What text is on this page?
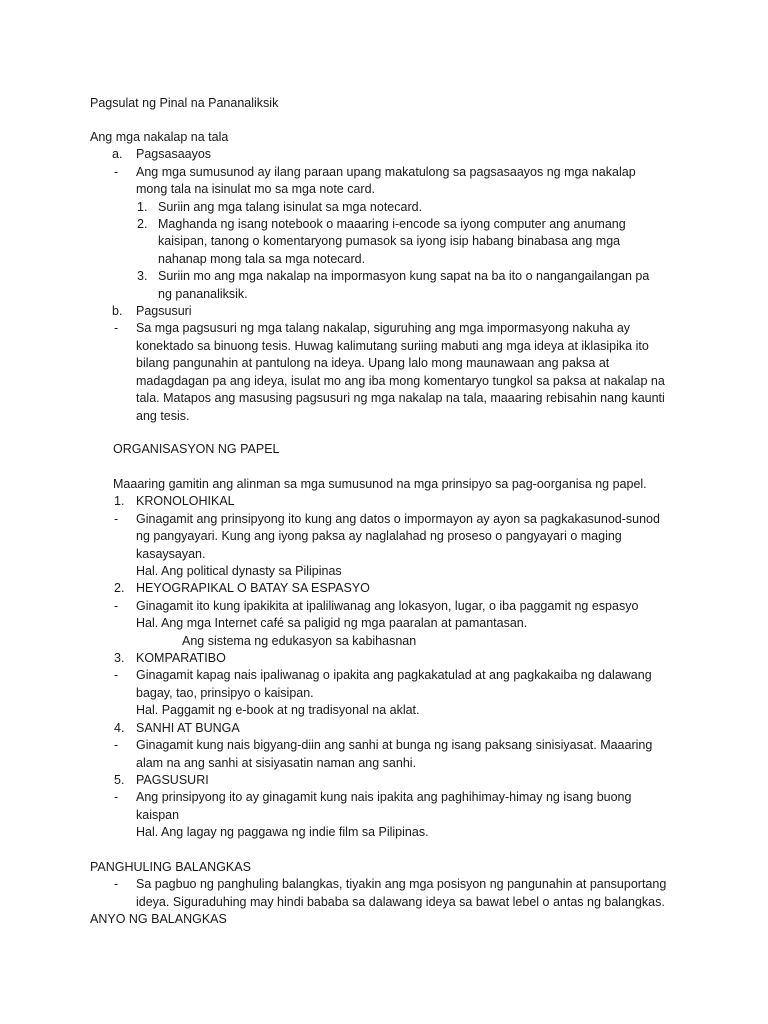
Pagsulat ng Pinal na Pananaliksik
Ang mga nakalap na tala
a.	Pagsasaayos
-	Ang mga sumusunod ay ilang paraan upang makatulong sa pagsasaayos ng mga nakalap mong tala na isinulat mo sa mga note card.
1. Suriin ang mga talang isinulat sa mga notecard.
2. Maghanda ng isang notebook o maaaring i-encode sa iyong computer ang anumang kaisipan, tanong o komentaryong pumasok sa iyong isip habang binabasa ang mga nahanap mong tala sa mga notecard.
3. Suriin mo ang mga nakalap na impormasyon kung sapat na ba ito o nangangailangan pa ng pananaliksik.
b.	Pagsusuri
-	Sa mga pagsusuri ng mga talang nakalap, siguruhing ang mga impormasyong nakuha ay konektado sa binuong tesis. Huwag kalimutang suriing mabuti ang mga ideya at iklasipika ito bilang pangunahin at pantulong na ideya. Upang lalo mong maunawaan ang paksa at madagdagan pa ang ideya, isulat mo ang iba mong komentaryo tungkol sa paksa at nakalap na tala. Matapos ang masusing pagsusuri ng mga nakalap na tala, maaaring rebisahin nang kaunti ang tesis.
ORGANISASYON NG PAPEL
Maaaring gamitin ang alinman sa mga sumusunod na mga prinsipyo sa pag-oorganisa ng papel.
1. KRONOLOHIKAL
-	Ginagamit ang prinsipyong ito kung ang datos o impormayon ay ayon sa pagkakasunod-sunod ng pangyayari. Kung ang iyong paksa ay naglalahad ng proseso o pangyayari o maging kasaysayan.
Hal. Ang political dynasty sa Pilipinas
2. HEYOGRAPIKAL O BATAY SA ESPASYO
-	Ginagamit ito kung ipakikita at ipaliliwanag ang lokasyon, lugar, o iba paggamit ng espasyo
Hal. Ang mga Internet café sa paligid ng mga paaralan at pamantasan.
Ang sistema ng edukasyon sa kabihasnan
3. KOMPARATIBO
-	Ginagamit kapag nais ipaliwanag o ipakita ang pagkakatulad at ang pagkakaiba ng dalawang bagay, tao, prinsipyo o kaisipan.
Hal. Paggamit ng e-book at ng tradisyonal na aklat.
4. SANHI AT BUNGA
-	Ginagamit kung nais bigyang-diin ang sanhi at bunga ng isang paksang sinisiyasat. Maaaring alam na ang sanhi at sisiyasatin naman ang sanhi.
5. PAGSUSURI
-	Ang prinsipyong ito ay ginagamit kung nais ipakita ang paghihimay-himay ng isang buong kaispan
Hal. Ang lagay ng paggawa ng indie film sa Pilipinas.
PANGHULING BALANGKAS
-	Sa pagbuo ng panghuling balangkas, tiyakin ang mga posisyon ng pangunahin at pansuportang ideya. Siguraduhing may hindi bababa sa dalawang ideya sa bawat lebel o antas ng balangkas.
ANYO NG BALANGKAS
